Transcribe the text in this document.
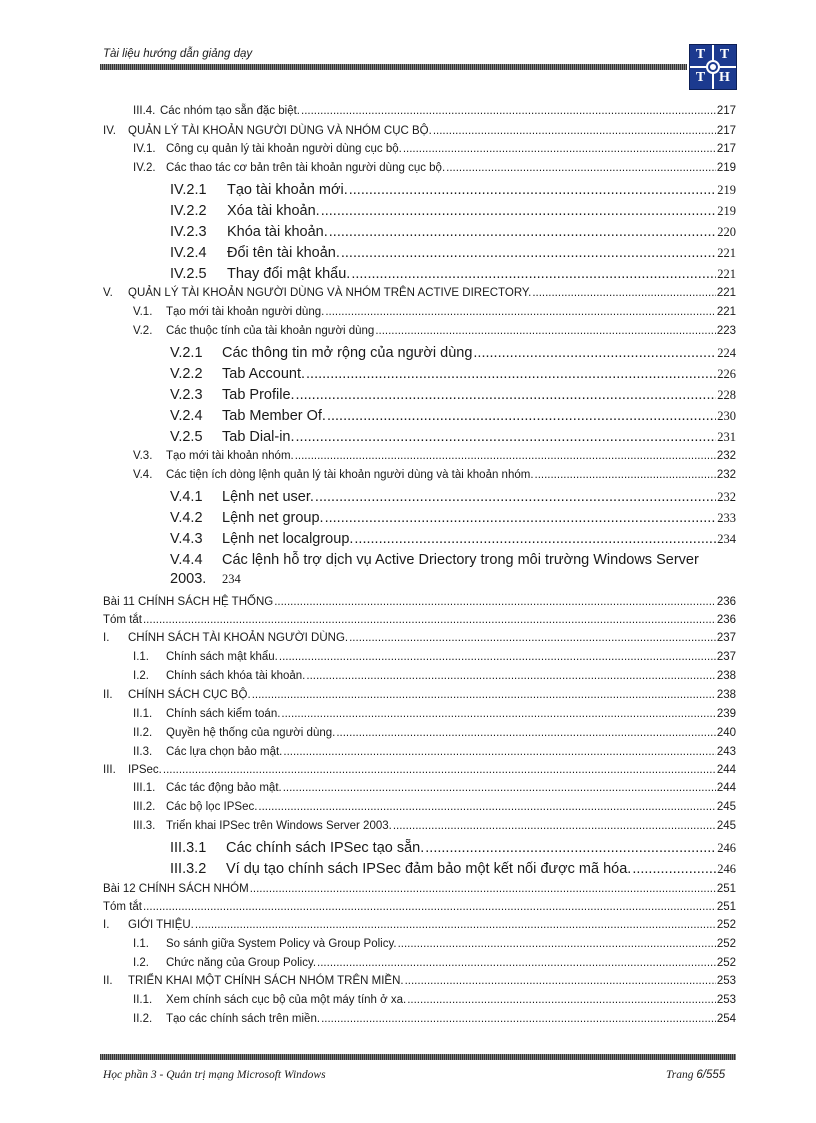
Tài liệu hướng dẫn giảng dạy	T	T
T H
III.4. Các nhóm tạo sẵn đặc biệt. .....	217
IV.	QUẢN LÝ TÀI KHOẢN NGƯỜI DÙNG VÀ NHÓM CỤC BỘ. .....	217
IV.1. Công cụ quản lý tài khoản người dùng cục bộ. .....	217
IV.2. Các thao tác cơ bản trên tài khoản người dùng cục bộ. .....	219
IV.2.1	Tạo tài khoản mới. .....	219
IV.2.2	Xóa tài khoản. .....	219
IV.2.3	Khóa tài khoản. .....	220
IV.2.4	Đổi tên tài khoản. .....	221
IV.2.5	Thay đổi mật khẩu. .....	221
V.	QUẢN LÝ TÀI KHOẢN NGƯỜI DÙNG VÀ NHÓM TRÊN ACTIVE DIRECTORY. .....	221
V.1.	Tạo mới tài khoản người dùng. .....	221
V.2.	Các thuộc tính của tài khoản người dùng .....	223
V.2.1	Các thông tin mở rộng của người dùng .....	224
V.2.2	Tab Account. .....	226
V.2.3	Tab Profile. .....	228
V.2.4	Tab Member Of. .....	230
V.2.5	Tab Dial-in. .....	231
V.3.	Tạo mới tài khoản nhóm. .....	232
V.4.	Các tiện ích dòng lệnh quản lý tài khoản người dùng và tài khoản nhóm. .....	232
V.4.1	Lệnh net user. .....	232
V.4.2	Lệnh net group. .....	233
V.4.3	Lệnh net localgroup. .....	234
V.4.4	Các lệnh hỗ trợ dịch vụ Active Driectory trong môi trường Windows Server
2003.	234
Bài 11 CHÍNH SÁCH HỆ THỐNG .....	236
Tóm tắt .....	236
I.	CHÍNH SÁCH TÀI KHOẢN NGƯỜI DÙNG. .....	237
I.1.	Chính sách mật khẩu. .....	237
I.2.	Chính sách khóa tài khoản. .....	238
II.	CHÍNH SÁCH CỤC BỘ. .....	238
II.1.	Chính sách kiểm toán. .....	239
II.2.	Quyền hệ thống của người dùng. .....	240
II.3.	Các lựa chọn bảo mật. .....	243
III.	IPSec. .....	244
III.1. Các tác động bảo mật. .....	244
III.2. Các bộ lọc IPSec. .....	245
III.3. Triển khai IPSec trên Windows Server 2003. .....	245
III.3.1	Các chính sách IPSec tạo sẵn. .....	246
III.3.2	Ví dụ tạo chính sách IPSec đảm bảo một kết nối được mã hóa. .....	246
Bài 12 CHÍNH SÁCH NHÓM .....	251
Tóm tắt .....	251
I.	GIỚI THIỆU. .....	252
I.1.	So sánh giữa System Policy và Group Policy. .....	252
I.2.	Chức năng của Group Policy. .....	252
II.	TRIỂN KHAI MỘT CHÍNH SÁCH NHÓM TRÊN MIỀN. .....	253
II.1.	Xem chính sách cục bộ của một máy tính ở xa. .....	253
II.2.	Tạo các chính sách trên miền. .....	254
Học phần 3 - Quản trị mạng Microsoft Windows	Trang 6/555
